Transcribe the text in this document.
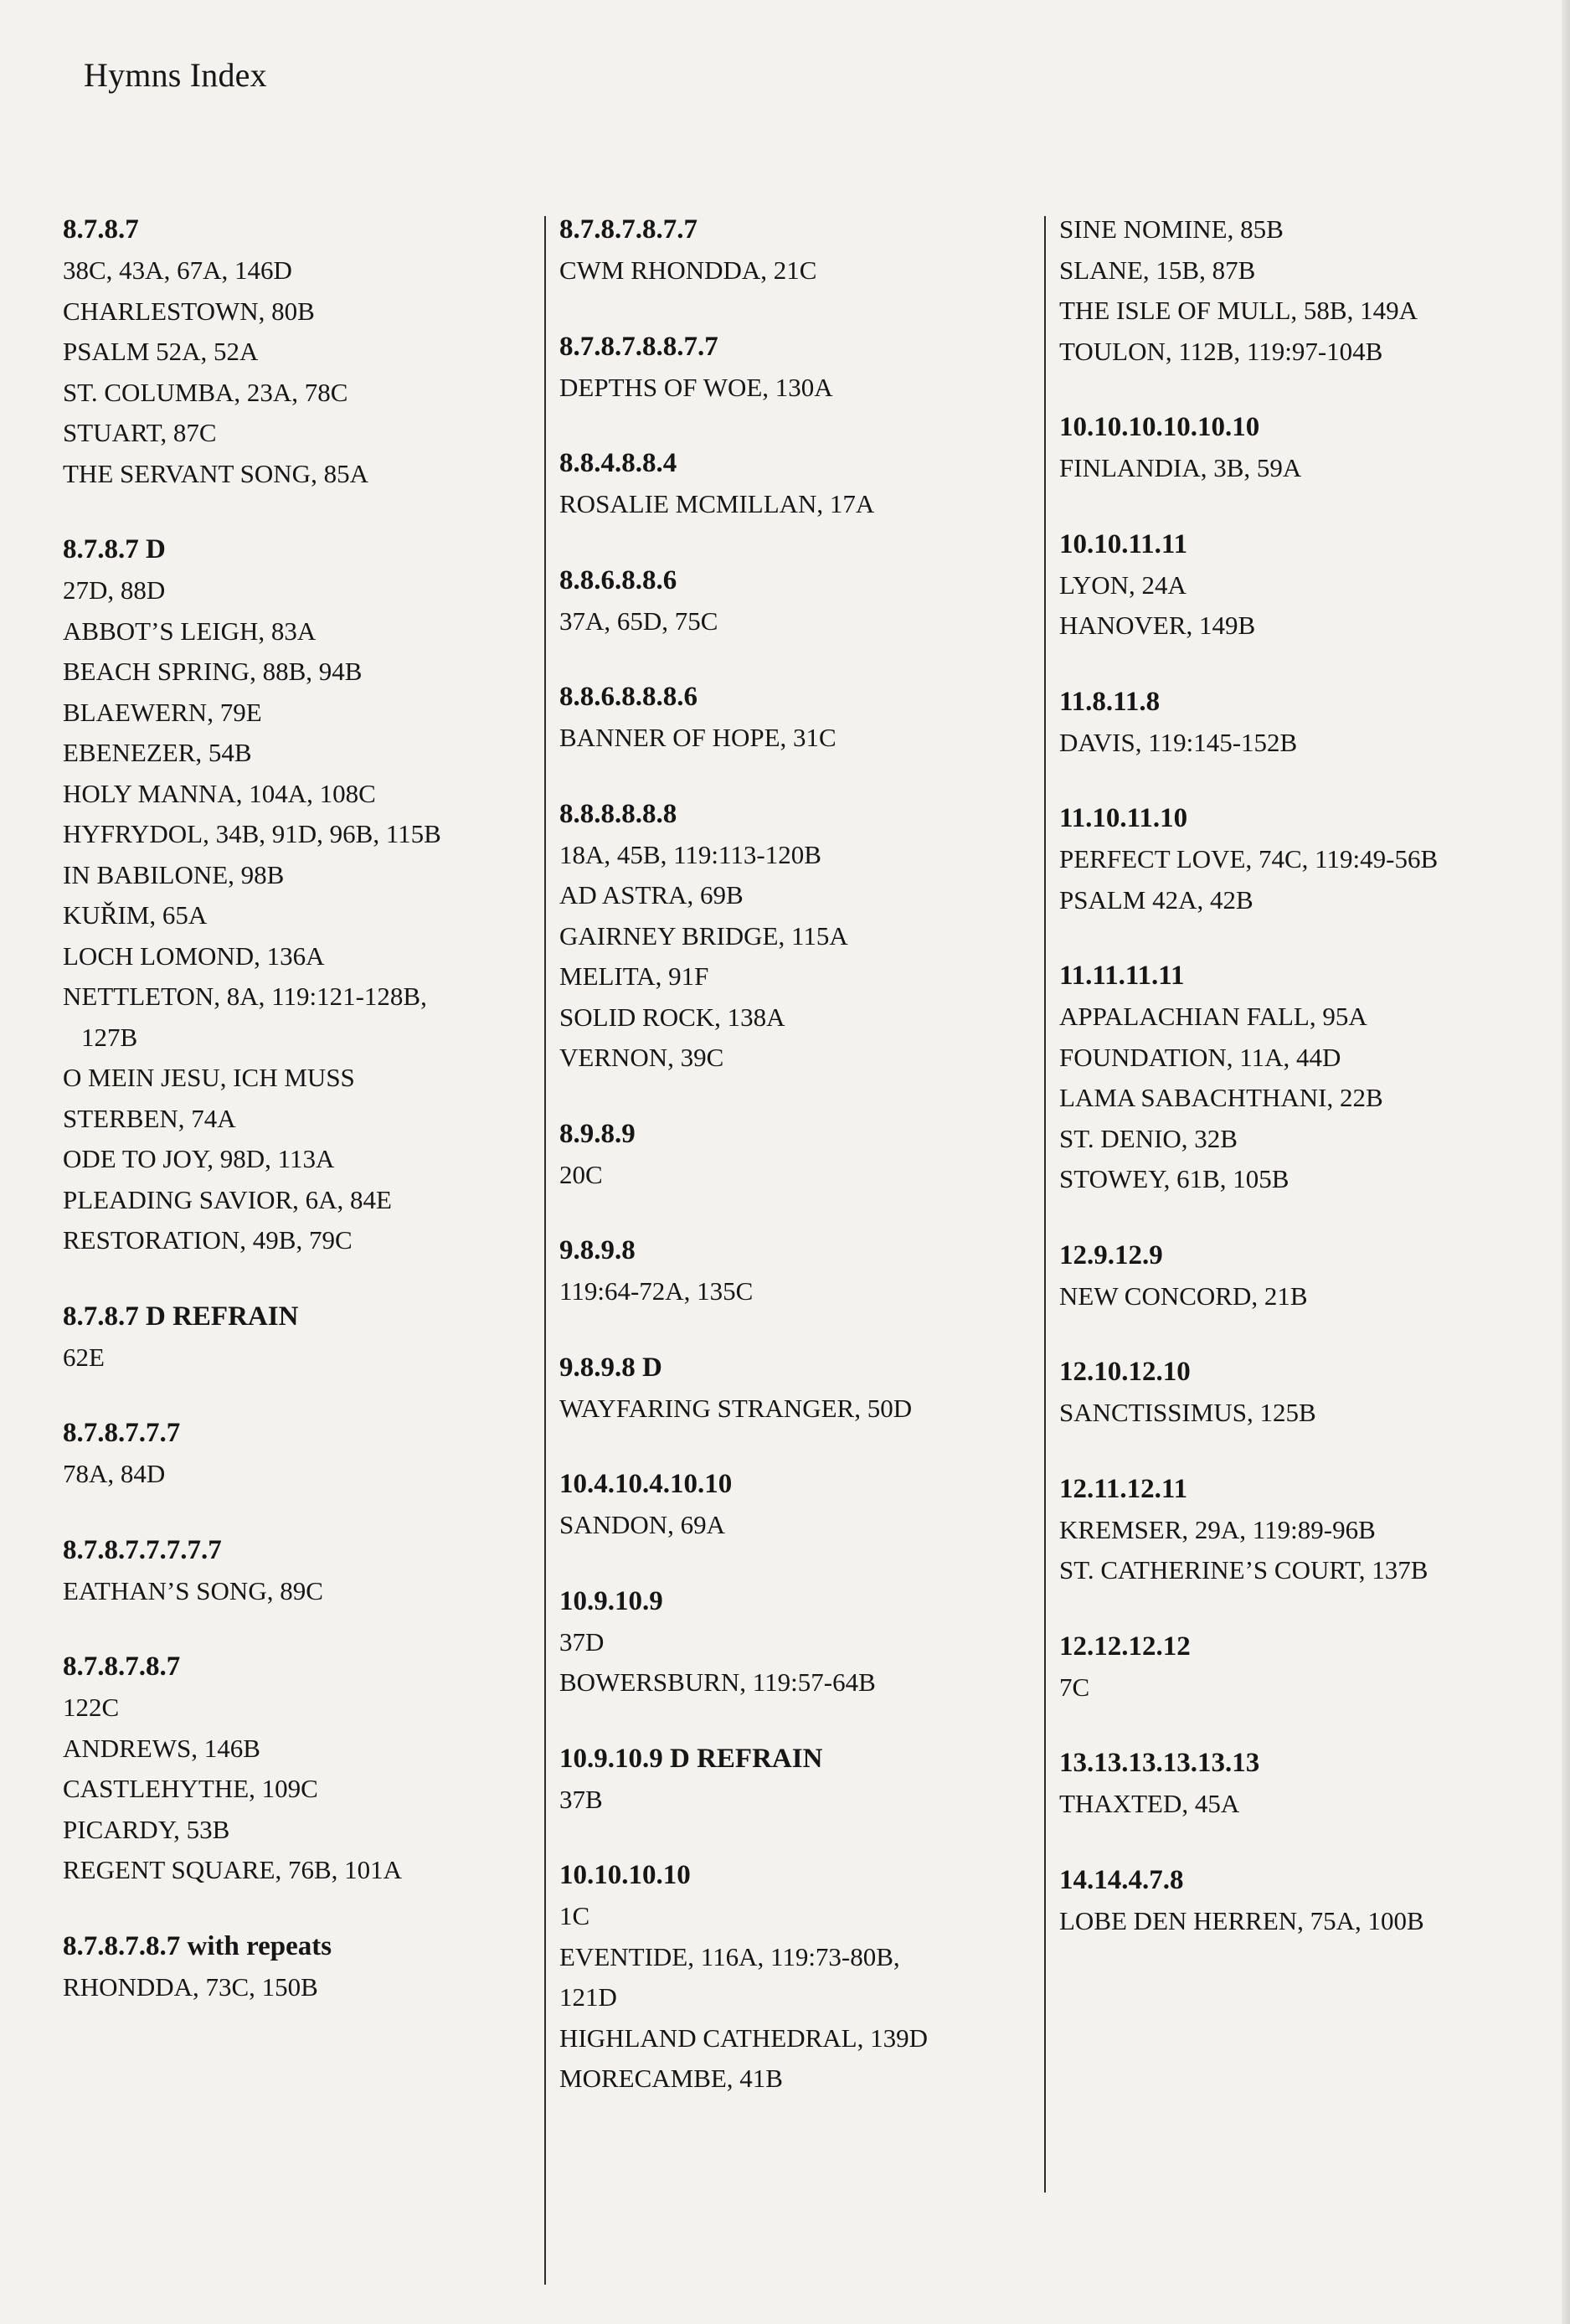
Hymns Index
8.7.8.7
38C, 43A, 67A, 146D
CHARLESTOWN, 80B
PSALM 52A, 52A
ST. COLUMBA, 23A, 78C
STUART, 87C
THE SERVANT SONG, 85A
8.7.8.7 D
27D, 88D
ABBOT’S LEIGH, 83A
BEACH SPRING, 88B, 94B
BLAEWERN, 79E
EBENEZER, 54B
HOLY MANNA, 104A, 108C
HYFRYDOL, 34B, 91D, 96B, 115B
IN BABILONE, 98B
KUŘIM, 65A
LOCH LOMOND, 136A
NETTLETON, 8A, 119:121-128B,
127B
O MEIN JESU, ICH MUSS
STERBEN, 74A
ODE TO JOY, 98D, 113A
PLEADING SAVIOR, 6A, 84E
RESTORATION, 49B, 79C
8.7.8.7 D REFRAIN
62E
8.7.8.7.7.7
78A, 84D
8.7.8.7.7.7.7.7
EATHAN’S SONG, 89C
8.7.8.7.8.7
122C
ANDREWS, 146B
CASTLEHYTHE, 109C
PICARDY, 53B
REGENT SQUARE, 76B, 101A
8.7.8.7.8.7 with repeats
RHONDDA, 73C, 150B
8.7.8.7.8.7.7
CWM RHONDDA, 21C
8.7.8.7.8.8.7.7
DEPTHS OF WOE, 130A
8.8.4.8.8.4
ROSALIE MCMILLAN, 17A
8.8.6.8.8.6
37A, 65D, 75C
8.8.6.8.8.8.6
BANNER OF HOPE, 31C
8.8.8.8.8.8
18A, 45B, 119:113-120B
AD ASTRA, 69B
GAIRNEY BRIDGE, 115A
MELITA, 91F
SOLID ROCK, 138A
VERNON, 39C
8.9.8.9
20C
9.8.9.8
119:64-72A, 135C
9.8.9.8 D
WAYFARING STRANGER, 50D
10.4.10.4.10.10
SANDON, 69A
10.9.10.9
37D
BOWERSBURN, 119:57-64B
10.9.10.9 D REFRAIN
37B
10.10.10.10
1C
EVENTIDE, 116A, 119:73-80B,
121D
HIGHLAND CATHEDRAL, 139D
MORECAMBE, 41B
SINE NOMINE, 85B
SLANE, 15B, 87B
THE ISLE OF MULL, 58B, 149A
TOULON, 112B, 119:97-104B
10.10.10.10.10.10
FINLANDIA, 3B, 59A
10.10.11.11
LYON, 24A
HANOVER, 149B
11.8.11.8
DAVIS, 119:145-152B
11.10.11.10
PERFECT LOVE, 74C, 119:49-56B
PSALM 42A, 42B
11.11.11.11
APPALACHIAN FALL, 95A
FOUNDATION, 11A, 44D
LAMA SABACHTHANI, 22B
ST. DENIO, 32B
STOWEY, 61B, 105B
12.9.12.9
NEW CONCORD, 21B
12.10.12.10
SANCTISSIMUS, 125B
12.11.12.11
KREMSER, 29A, 119:89-96B
ST. CATHERINE’S COURT, 137B
12.12.12.12
7C
13.13.13.13.13.13
THAXTED, 45A
14.14.4.7.8
LOBE DEN HERREN, 75A, 100B
